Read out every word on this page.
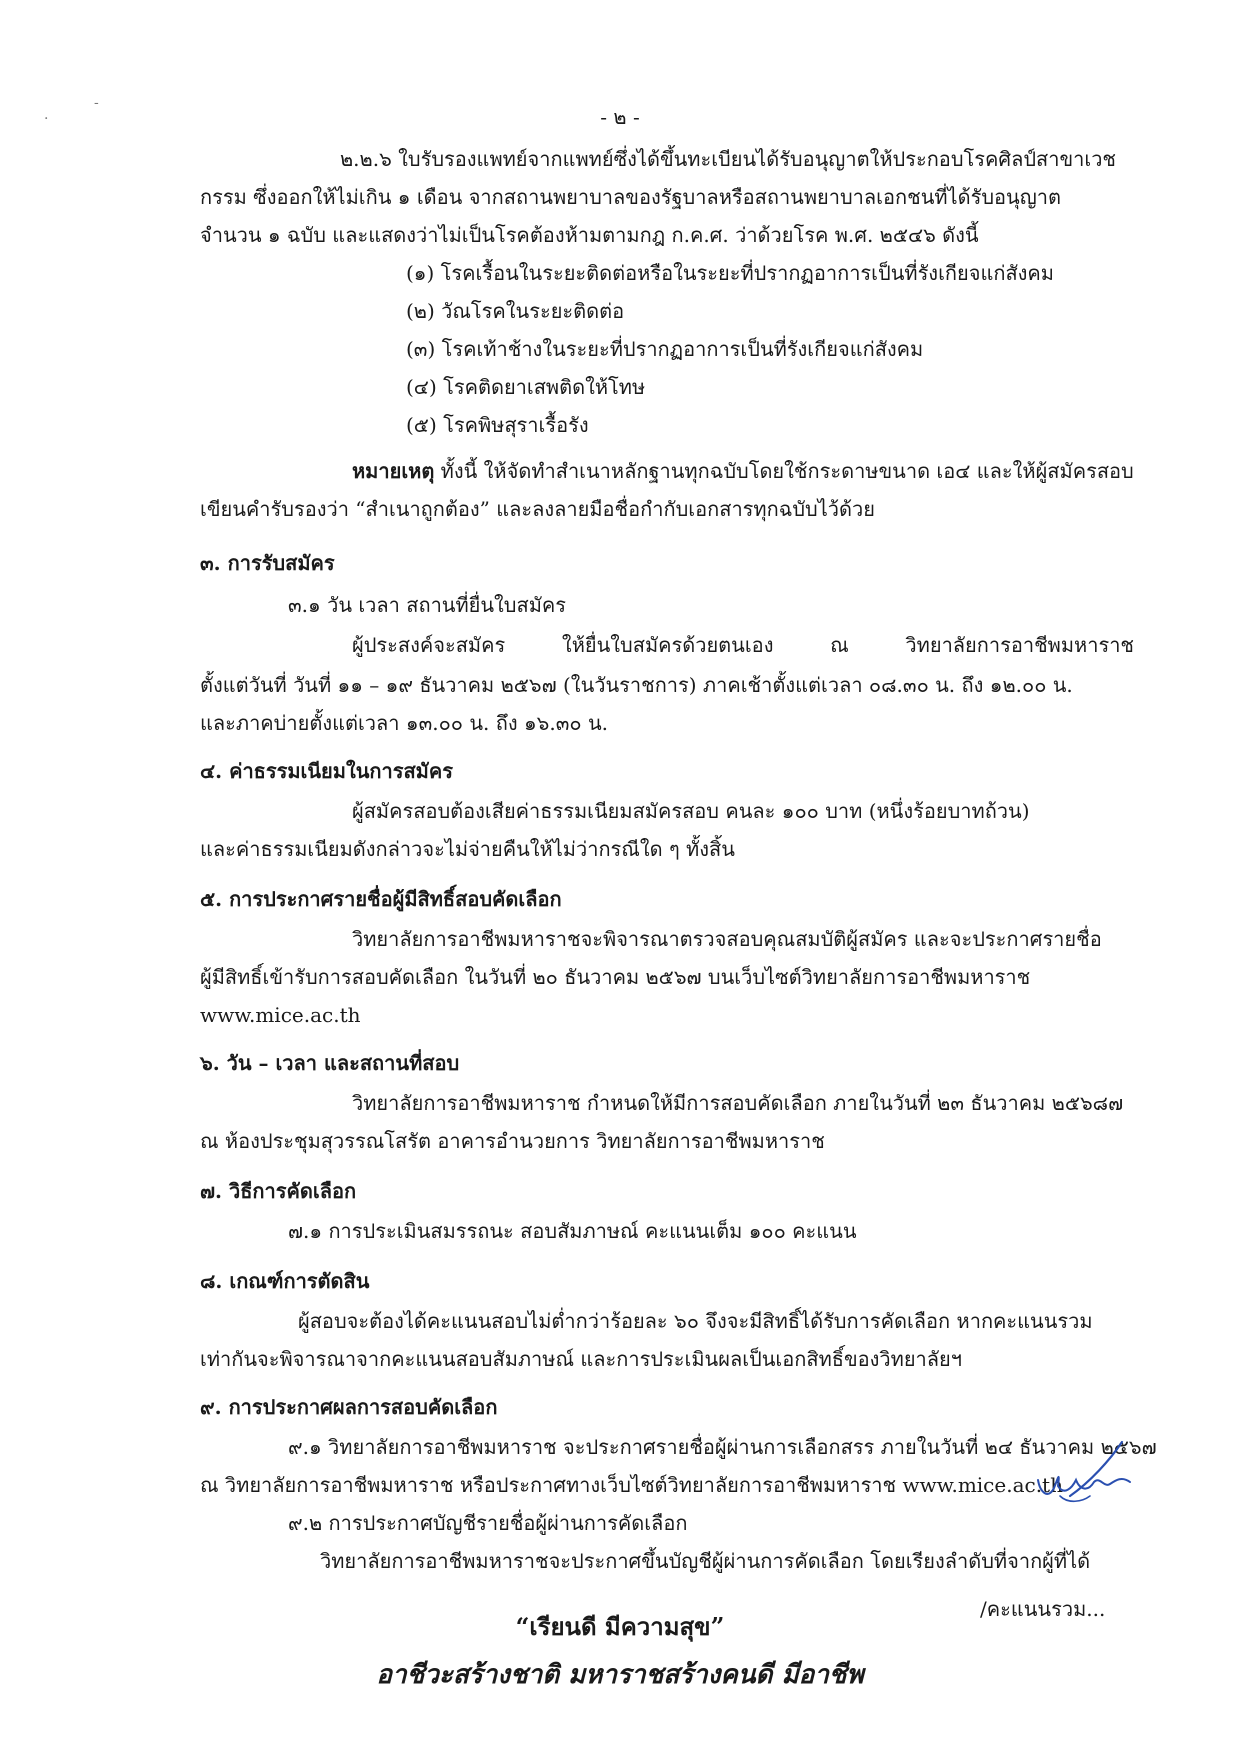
·
-
- ๒ -
๒.๒.๖ ใบรับรองแพทย์จากแพทย์ซึ่งได้ขึ้นทะเบียนได้รับอนุญาตให้ประกอบโรคศิลป์สาขาเวช
กรรม ซึ่งออกให้ไม่เกิน ๑ เดือน จากสถานพยาบาลของรัฐบาลหรือสถานพยาบาลเอกชนที่ได้รับอนุญาต
จำนวน ๑ ฉบับ และแสดงว่าไม่เป็นโรคต้องห้ามตามกฎ ก.ค.ศ. ว่าด้วยโรค พ.ศ. ๒๕๔๖ ดังนี้
(๑) โรคเรื้อนในระยะติดต่อหรือในระยะที่ปรากฏอาการเป็นที่รังเกียจแก่สังคม
(๒) วัณโรคในระยะติดต่อ
(๓) โรคเท้าช้างในระยะที่ปรากฏอาการเป็นที่รังเกียจแก่สังคม
(๔) โรคติดยาเสพติดให้โทษ
(๕) โรคพิษสุราเรื้อรัง
หมายเหตุ ทั้งนี้ ให้จัดทำสำเนาหลักฐานทุกฉบับโดยใช้กระดาษขนาด เอ๔ และให้ผู้สมัครสอบ
เขียนคำรับรองว่า “สำเนาถูกต้อง” และลงลายมือชื่อกำกับเอกสารทุกฉบับไว้ด้วย
๓. การรับสมัคร
๓.๑ วัน เวลา สถานที่ยื่นใบสมัคร
ผู้ประสงค์จะสมัคร ให้ยื่นใบสมัครด้วยตนเอง ณ วิทยาลัยการอาชีพมหาราช
ตั้งแต่วันที่ วันที่ ๑๑ – ๑๙ ธันวาคม ๒๕๖๗ (ในวันราชการ) ภาคเช้าตั้งแต่เวลา ๐๘.๓๐ น. ถึง ๑๒.๐๐ น.
และภาคบ่ายตั้งแต่เวลา ๑๓.๐๐ น. ถึง ๑๖.๓๐ น.
๔. ค่าธรรมเนียมในการสมัคร
ผู้สมัครสอบต้องเสียค่าธรรมเนียมสมัครสอบ คนละ ๑๐๐ บาท (หนึ่งร้อยบาทถ้วน)
และค่าธรรมเนียมดังกล่าวจะไม่จ่ายคืนให้ไม่ว่ากรณีใด ๆ ทั้งสิ้น
๕. การประกาศรายชื่อผู้มีสิทธิ์สอบคัดเลือก
วิทยาลัยการอาชีพมหาราชจะพิจารณาตรวจสอบคุณสมบัติผู้สมัคร และจะประกาศรายชื่อ
ผู้มีสิทธิ์เข้ารับการสอบคัดเลือก ในวันที่ ๒๐ ธันวาคม ๒๕๖๗ บนเว็บไซต์วิทยาลัยการอาชีพมหาราช
www.mice.ac.th
๖. วัน – เวลา และสถานที่สอบ
วิทยาลัยการอาชีพมหาราช กำหนดให้มีการสอบคัดเลือก ภายในวันที่ ๒๓ ธันวาคม ๒๕๖๘๗
ณ ห้องประชุมสุวรรณโสรัต อาคารอำนวยการ วิทยาลัยการอาชีพมหาราช
๗. วิธีการคัดเลือก
๗.๑ การประเมินสมรรถนะ สอบสัมภาษณ์ คะแนนเต็ม ๑๐๐ คะแนน
๘. เกณฑ์การตัดสิน
ผู้สอบจะต้องได้คะแนนสอบไม่ต่ำกว่าร้อยละ ๖๐ จึงจะมีสิทธิ์ได้รับการคัดเลือก หากคะแนนรวม
เท่ากันจะพิจารณาจากคะแนนสอบสัมภาษณ์ และการประเมินผลเป็นเอกสิทธิ์ของวิทยาลัยฯ
๙. การประกาศผลการสอบคัดเลือก
๙.๑ วิทยาลัยการอาชีพมหาราช จะประกาศรายชื่อผู้ผ่านการเลือกสรร ภายในวันที่ ๒๔ ธันวาคม ๒๕๖๗
ณ วิทยาลัยการอาชีพมหาราช หรือประกาศทางเว็บไซต์วิทยาลัยการอาชีพมหาราช www.mice.ac.th
๙.๒ การประกาศบัญชีรายชื่อผู้ผ่านการคัดเลือก
วิทยาลัยการอาชีพมหาราชจะประกาศขึ้นบัญชีผู้ผ่านการคัดเลือก โดยเรียงลำดับที่จากผู้ที่ได้
/คะแนนรวม...
“เรียนดี มีความสุข”
อาชีวะสร้างชาติ มหาราชสร้างคนดี มีอาชีพ
